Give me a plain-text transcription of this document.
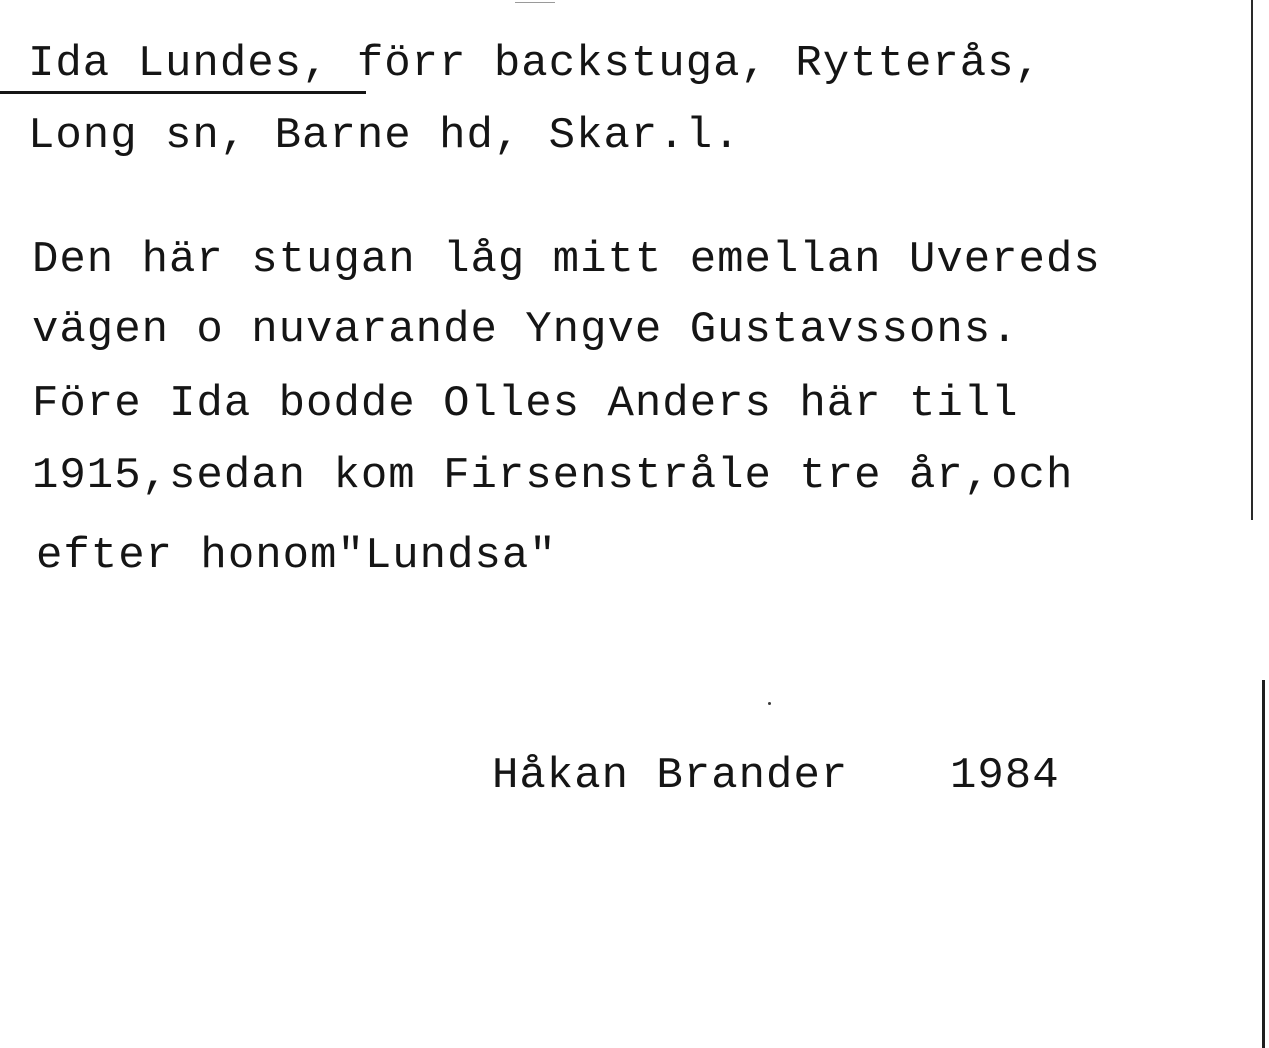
Ida Lundes, förr backstuga, Rytterås,
Long sn, Barne hd, Skar.l.
Den här stugan låg mitt emellan Uvereds
vägen o nuvarande Yngve Gustavssons.
Före Ida bodde Olles Anders här till
1915,sedan kom Firsenstråle tre år,och
efter honom"Lundsa"
Håkan Brander 1984
